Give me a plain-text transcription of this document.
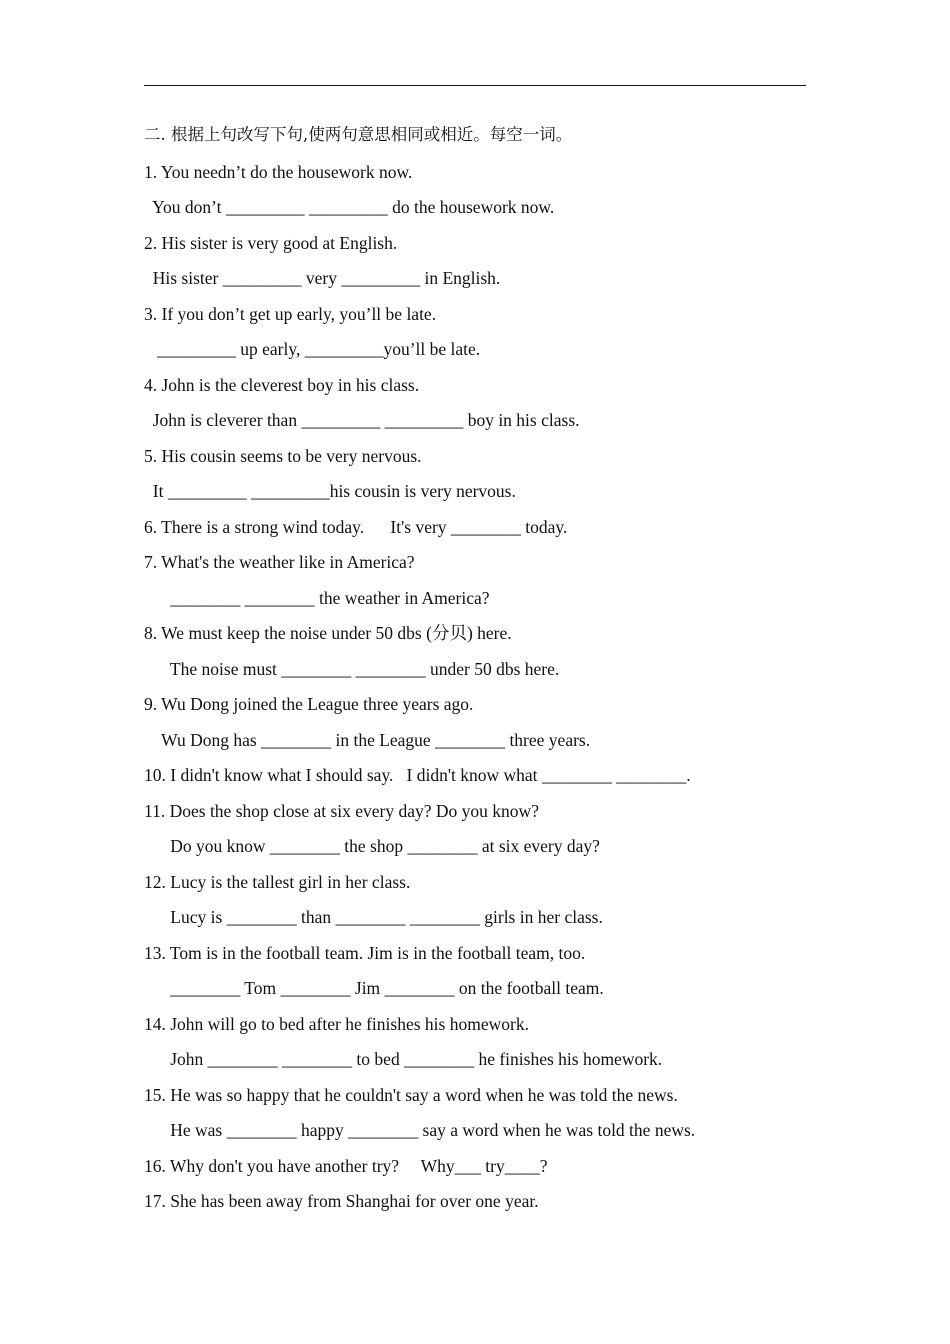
二. 根据上句改写下句,使两句意思相同或相近。每空一词。
1. You needn’t do the housework now.
You don’t _________ _________ do the housework now.
2. His sister is very good at English.
His sister _________ very _________ in English.
3. If you don’t get up early, you’ll be late.
_________ up early, _________you’ll be late.
4. John is the cleverest boy in his class.
John is cleverer than _________ _________ boy in his class.
5. His cousin seems to be very nervous.
It _________ _________his cousin is very nervous.
6. There is a strong wind today.      It's very ________ today.
7. What's the weather like in America?
________ ________ the weather in America?
8. We must keep the noise under 50 dbs (分贝) here.
The noise must ________ ________ under 50 dbs here.
9. Wu Dong joined the League three years ago.
Wu Dong has ________ in the League ________ three years.
10. I didn't know what I should say.   I didn't know what ________ ________.
11. Does the shop close at six every day? Do you know?
Do you know ________ the shop ________ at six every day?
12. Lucy is the tallest girl in her class.
Lucy is ________ than ________ ________ girls in her class.
13. Tom is in the football team. Jim is in the football team, too.
________ Tom ________ Jim ________ on the football team.
14. John will go to bed after he finishes his homework.
John ________ ________ to bed ________ he finishes his homework.
15. He was so happy that he couldn't say a word when he was told the news.
He was ________ happy ________ say a word when he was told the news.
16. Why don't you have another try?     Why___ try____?
17. She has been away from Shanghai for over one year.
